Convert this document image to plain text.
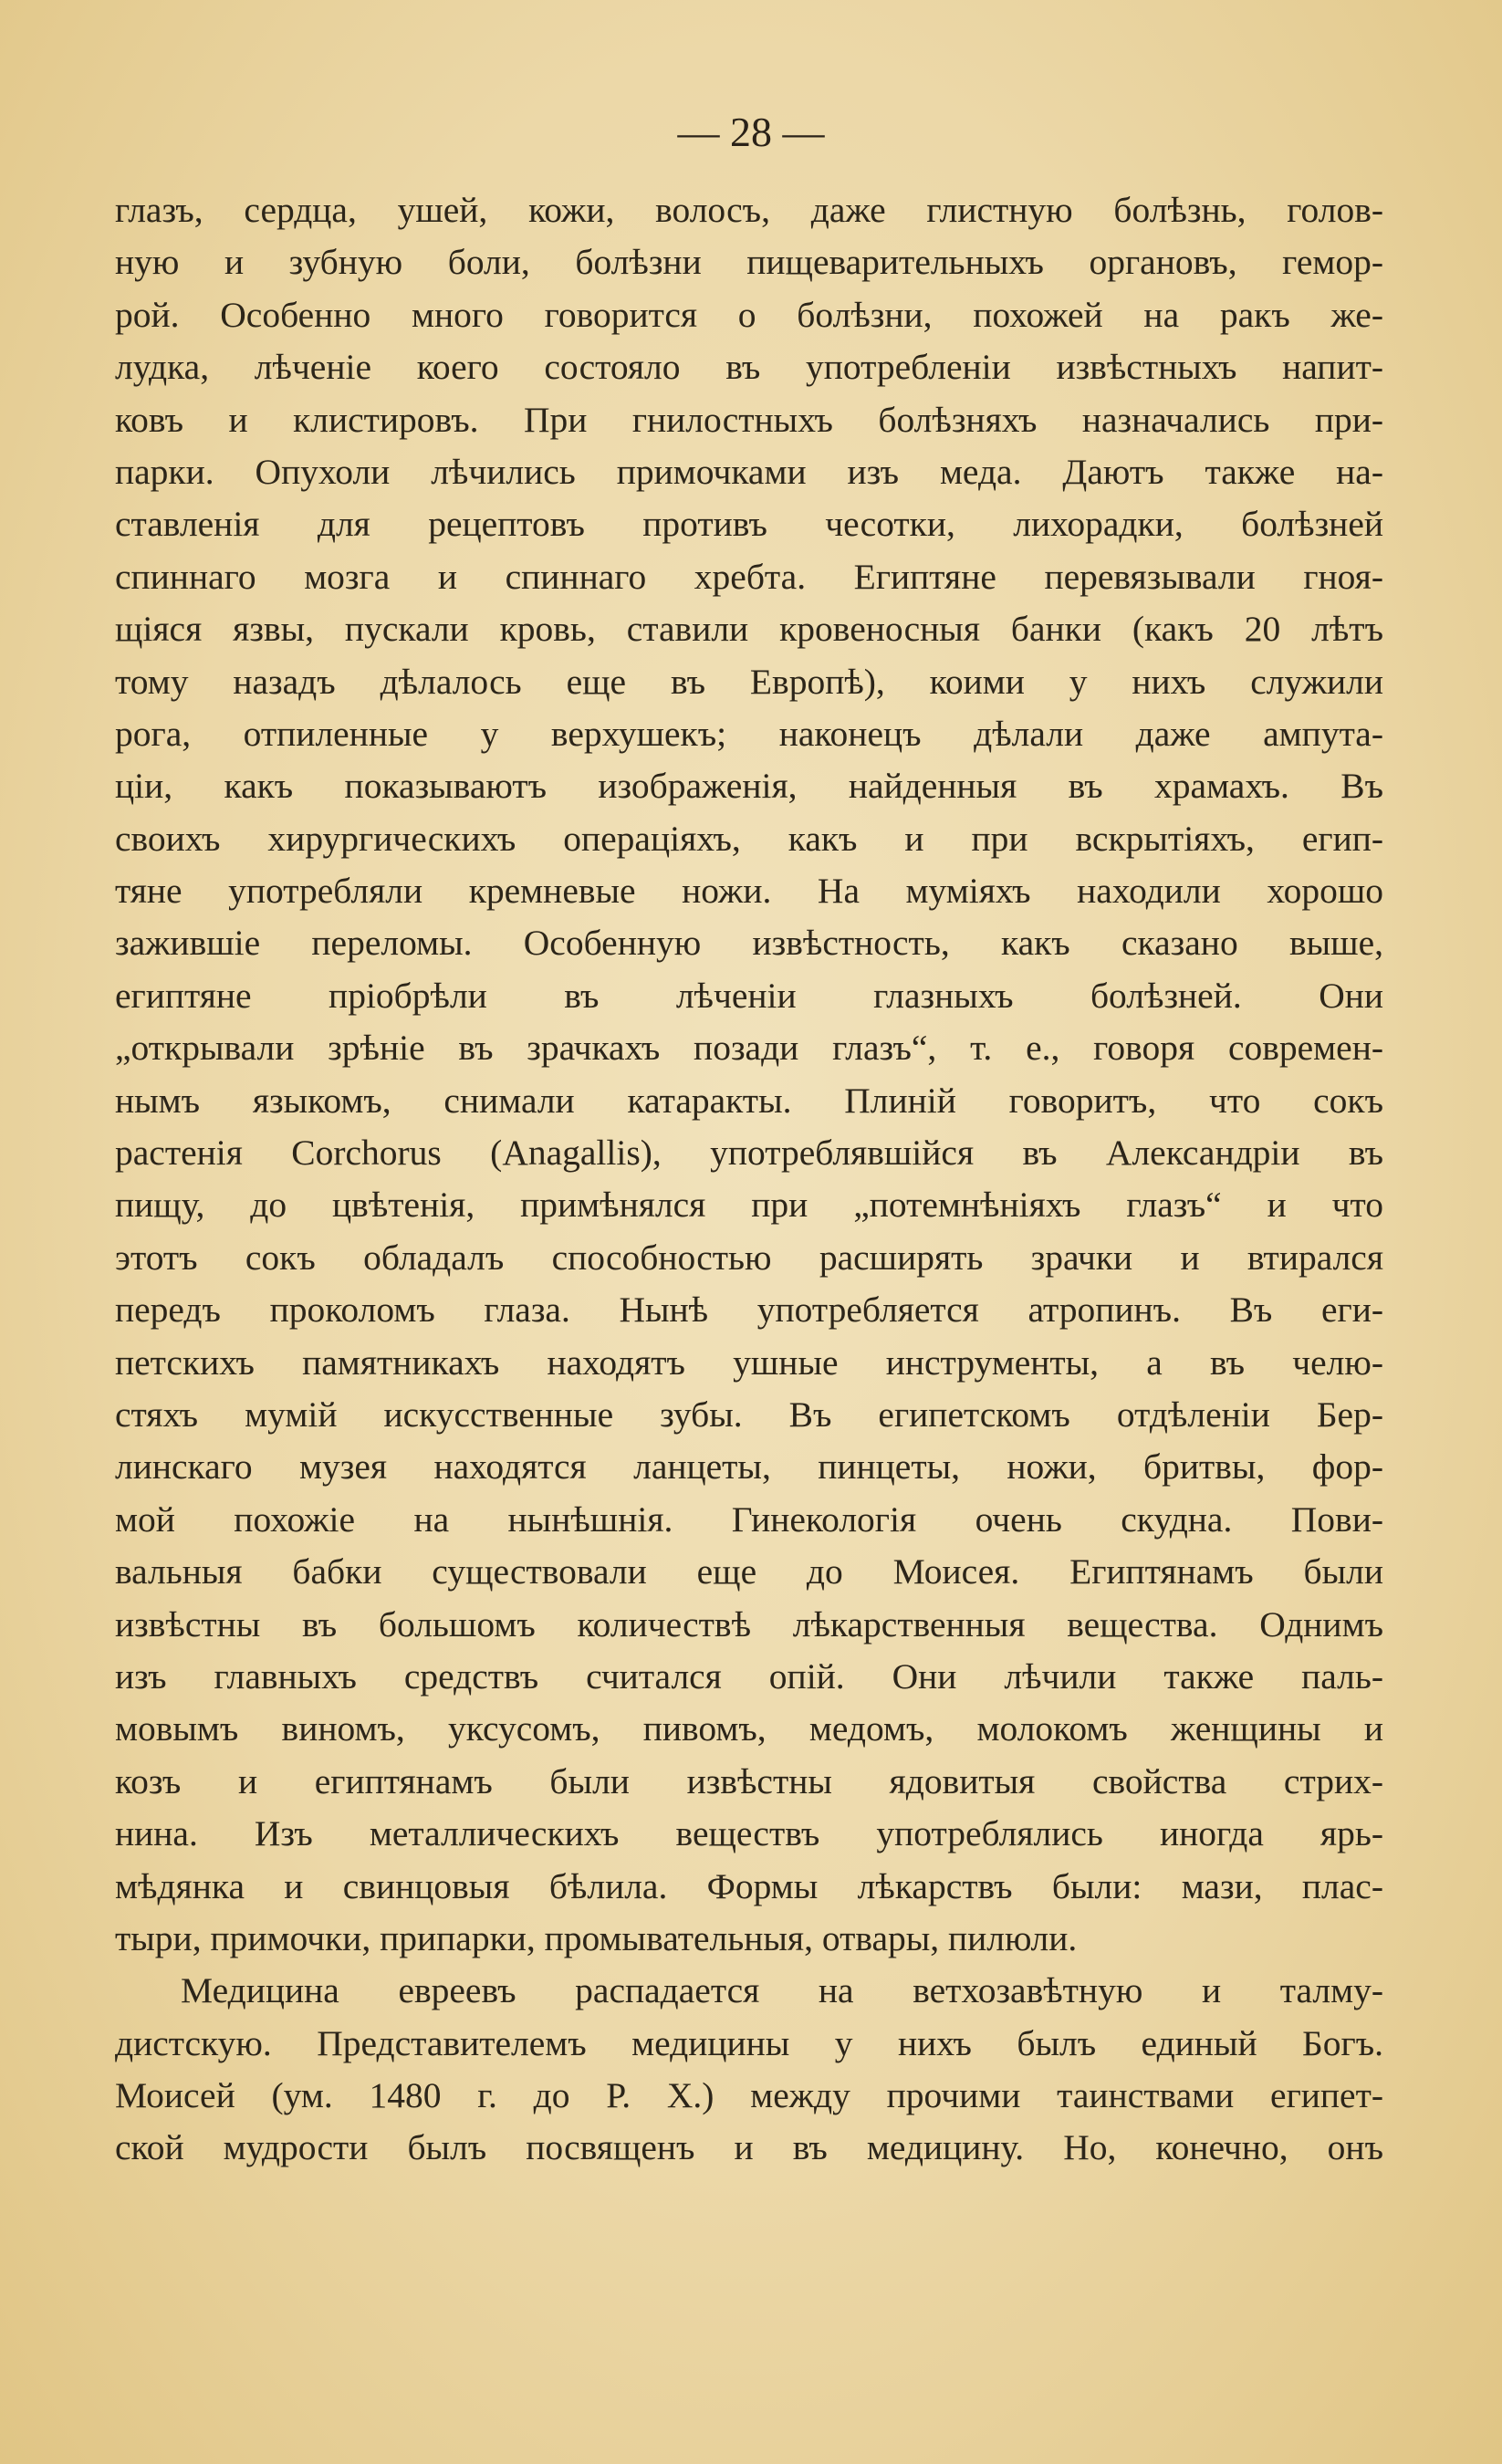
— 28 —
глазъ, сердца, ушей, кожи, волосъ, даже глистную болѣзнь, голов-
ную и зубную боли, болѣзни пищеварительныхъ органовъ, гемор-
рой. Особенно много говорится о болѣзни, похожей на ракъ же-
лудка, лѣченіе коего состояло въ употребленіи извѣстныхъ напит-
ковъ и клистировъ. При гнилостныхъ болѣзняхъ назначались при-
парки. Опухоли лѣчились примочками изъ меда. Даютъ также на-
ставленія для рецептовъ противъ чесотки, лихорадки, болѣзней
спиннаго мозга и спиннаго хребта. Египтяне перевязывали гноя-
щіяся язвы, пускали кровь, ставили кровеносныя банки (какъ 20 лѣтъ
тому назадъ дѣлалось еще въ Европѣ), коими у нихъ служили
рога, отпиленные у верхушекъ; наконецъ дѣлали даже ампута-
ціи, какъ показываютъ изображенія, найденныя въ храмахъ. Въ
своихъ хирургическихъ операціяхъ, какъ и при вскрытіяхъ, егип-
тяне употребляли кремневые ножи. На муміяхъ находили хорошо
зажившіе переломы. Особенную извѣстность, какъ сказано выше,
египтяне пріобрѣли въ лѣченіи глазныхъ болѣзней. Они
„открывали зрѣніе въ зрачкахъ позади глазъ“, т. е., говоря современ-
нымъ языкомъ, снимали катаракты. Плиній говоритъ, что сокъ
растенія Corchorus (Anagallis), употреблявшійся въ Александріи въ
пищу, до цвѣтенія, примѣнялся при „потемнѣніяхъ глазъ“ и что
этотъ сокъ обладалъ способностью расширять зрачки и втирался
передъ проколомъ глаза. Нынѣ употребляется атропинъ. Въ еги-
петскихъ памятникахъ находятъ ушные инструменты, а въ челю-
стяхъ мумій искусственные зубы. Въ египетскомъ отдѣленіи Бер-
линскаго музея находятся ланцеты, пинцеты, ножи, бритвы, фор-
мой похожіе на нынѣшнія. Гинекологія очень скудна. Пови-
вальныя бабки существовали еще до Моисея. Египтянамъ были
извѣстны въ большомъ количествѣ лѣкарственныя вещества. Однимъ
изъ главныхъ средствъ считался опій. Они лѣчили также паль-
мовымъ виномъ, уксусомъ, пивомъ, медомъ, молокомъ женщины и
козъ и египтянамъ были извѣстны ядовитыя свойства стрих-
нина. Изъ металлическихъ веществъ употреблялись иногда ярь-
мѣдянка и свинцовыя бѣлила. Формы лѣкарствъ были: мази, плас-
тыри, примочки, припарки, промывательныя, отвары, пилюли.
Медицина евреевъ распадается на ветхозавѣтную и талму-
дистскую. Представителемъ медицины у нихъ былъ единый Богъ.
Моисей (ум. 1480 г. до Р. Х.) между прочими таинствами египет-
ской мудрости былъ посвященъ и въ медицину. Но, конечно, онъ
